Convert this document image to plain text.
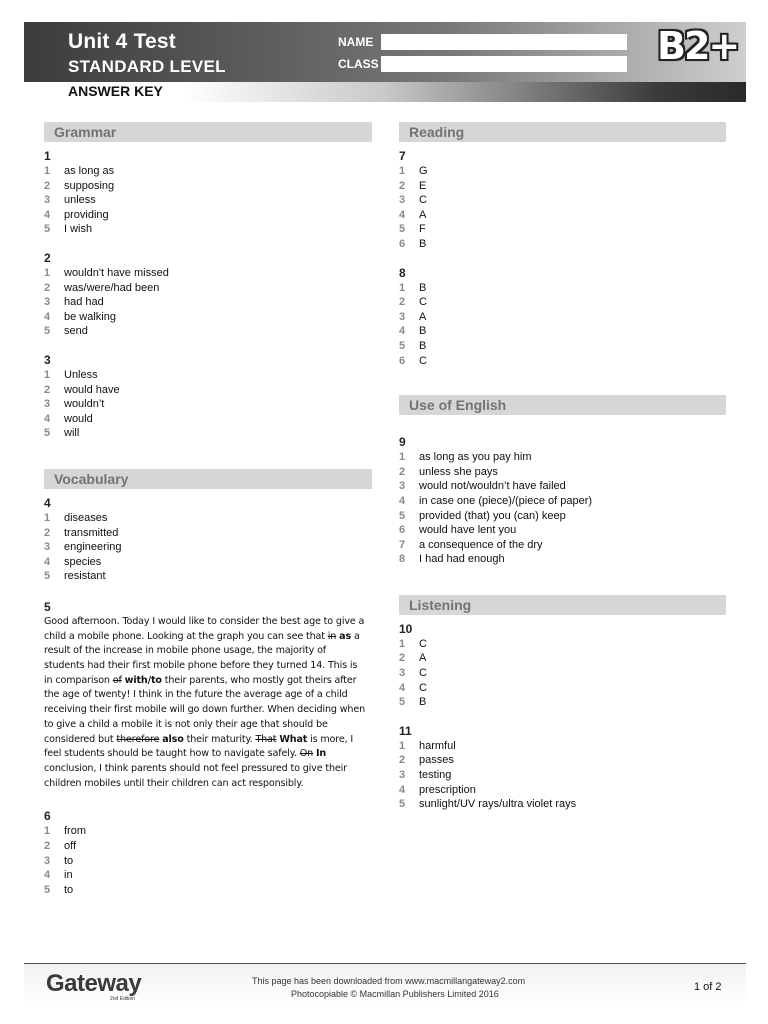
Unit 4 Test
STANDARD LEVEL
NAME
CLASS	B2+
ANSWER KEY
Grammar
1
1 as long as
2 supposing
3 unless
4 providing
5 I wish
2
1 wouldn't have missed
2 was/were/had been
3 had had
4 be walking
5 send
3
1 Unless
2 would have
3 wouldn’t
4 would
5 will
Vocabulary
4
1 diseases
2 transmitted
3 engineering
4 species
5 resistant
5
Good afternoon. Today I would like to consider the best age to give a child a mobile phone. Looking at the graph you can see that in as a result of the increase in mobile phone usage, the majority of students had their first mobile phone before they turned 14. This is in comparison of with/to their parents, who mostly got theirs after the age of twenty! I think in the future the average age of a child receiving their first mobile will go down further. When deciding when to give a child a mobile it is not only their age that should be considered but therefore also their maturity. That What is more, I feel students should be taught how to navigate safely. On In conclusion, I think parents should not feel pressured to give their children mobiles until their children can act responsibly.
6
1 from
2 off
3 to
4 in
5 to
Reading
7
1 G
2 E
3 C
4 A
5 F
6 B
8
1 B
2 C
3 A
4 B
5 B
6 C
Use of English
9
1 as long as you pay him
2 unless she pays
3 would not/wouldn’t have failed
4 in case one (piece)/(piece of paper)
5 provided (that) you (can) keep
6 would have lent you
7 a consequence of the dry
8 I had had enough
Listening
10
1 C
2 A
3 C
4 C
5 B
11
1 harmful
2 passes
3 testing
4 prescription
5 sunlight/UV rays/ultra violet rays
Gateway
2nd Edition
This page has been downloaded from www.macmillangateway2.com
Photocopiable © Macmillan Publishers Limited 2016
1 of 2
